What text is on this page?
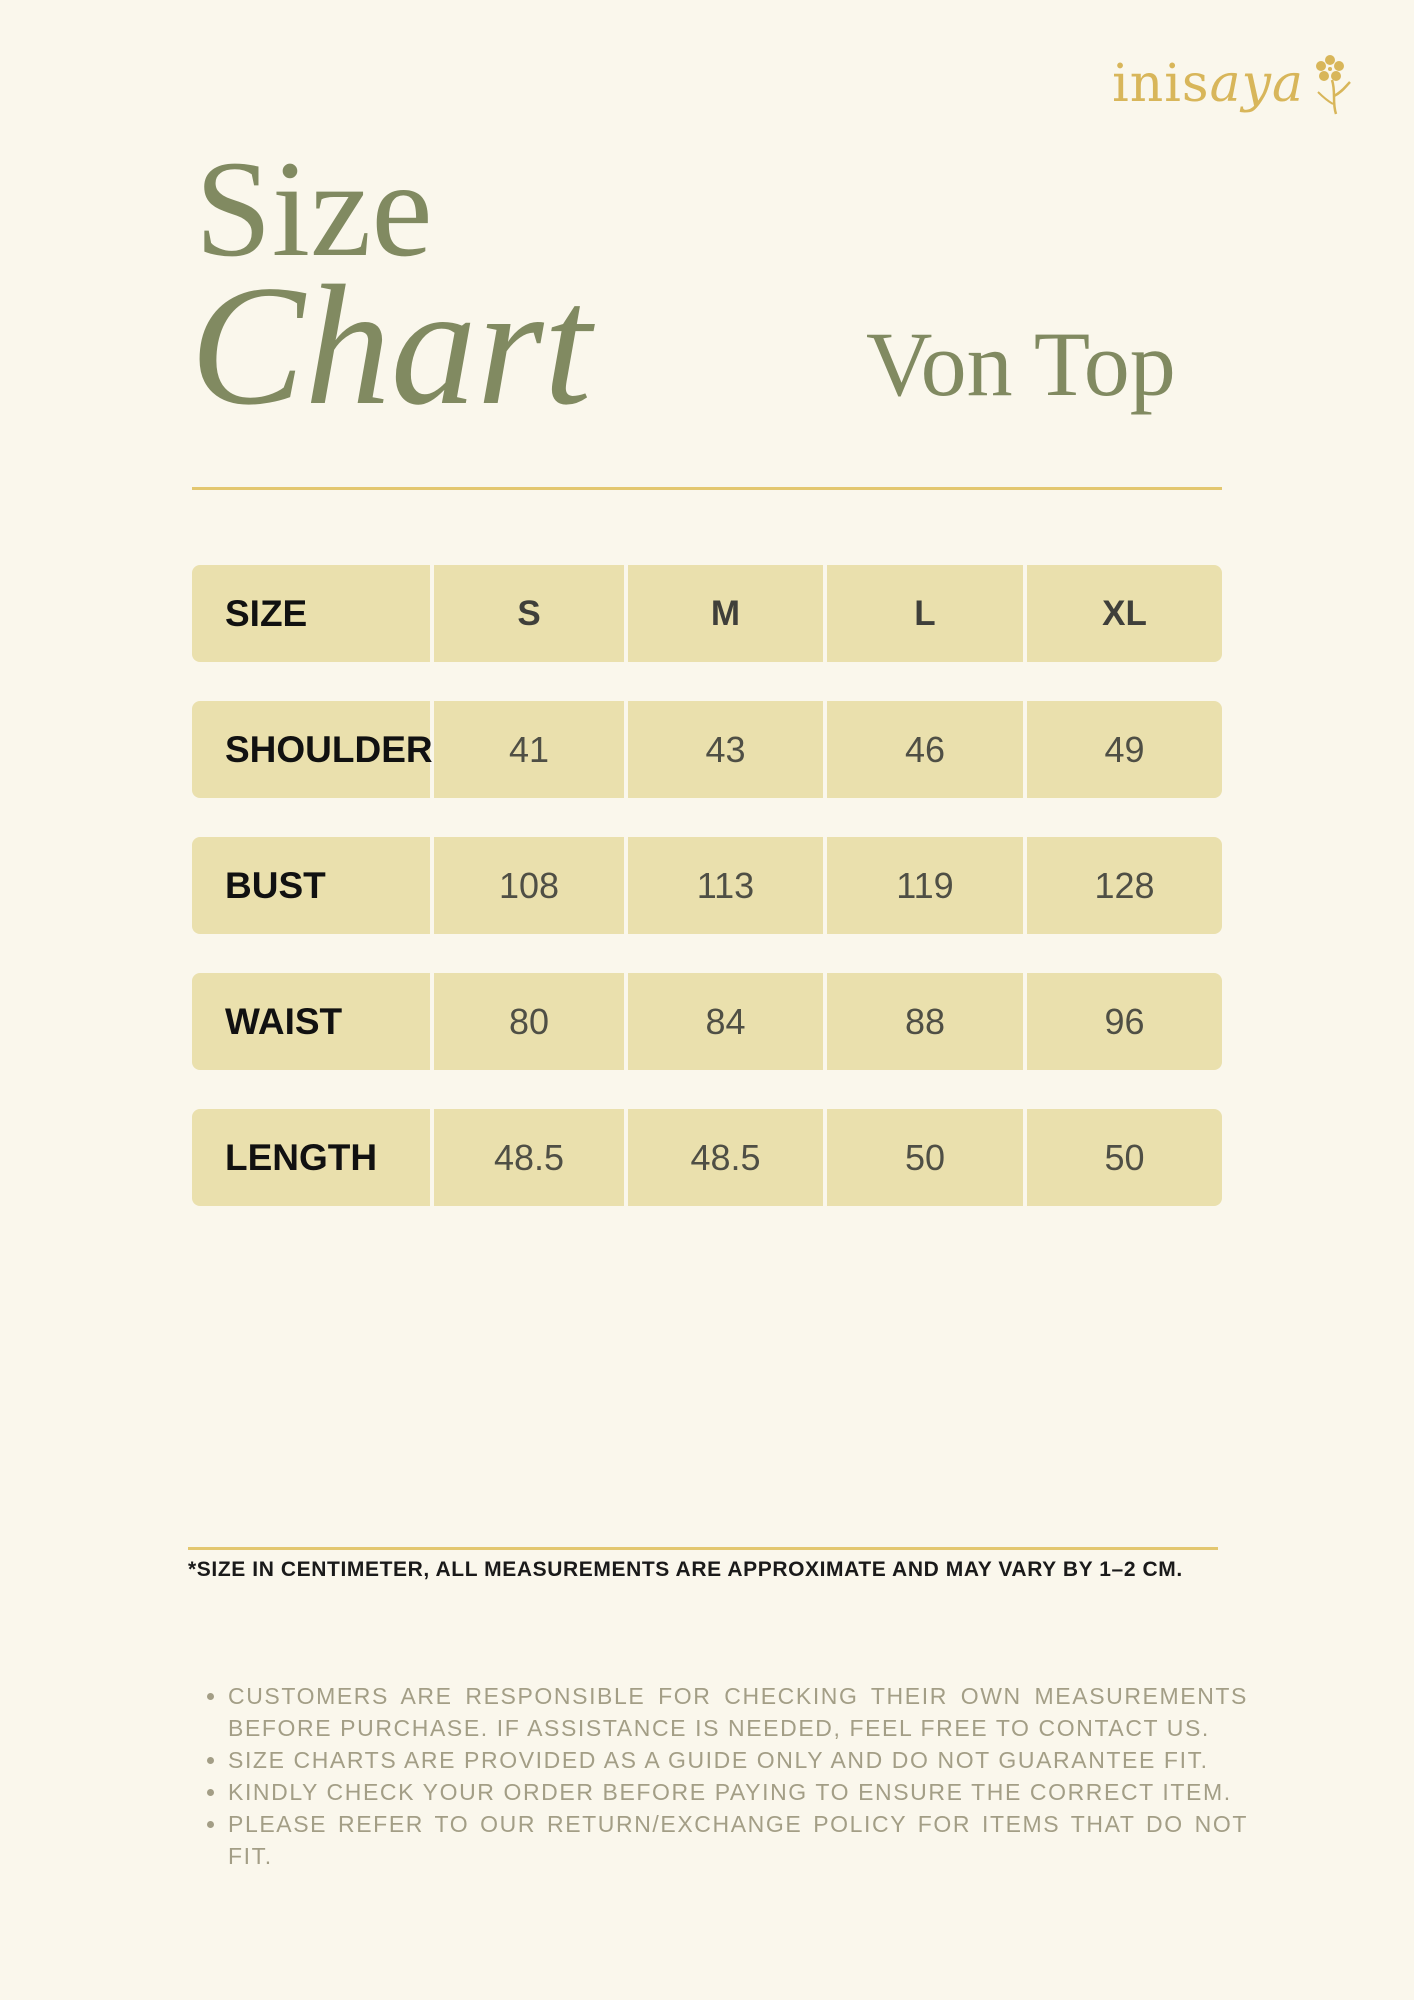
inisaya
Size
Chart	Von Top
SIZE	S	M	L	XL
SHOULDER	41	43	46	49
BUST	108	113	119	128
WAIST	80	84	88	96
LENGTH	48.5	48.5	50	50
*SIZE IN CENTIMETER, ALL MEASUREMENTS ARE APPROXIMATE AND MAY VARY BY 1–2 CM.
• CUSTOMERS ARE RESPONSIBLE FOR CHECKING THEIR OWN MEASUREMENTS BEFORE PURCHASE. IF ASSISTANCE IS NEEDED, FEEL FREE TO CONTACT US.
• SIZE CHARTS ARE PROVIDED AS A GUIDE ONLY AND DO NOT GUARANTEE FIT.
• KINDLY CHECK YOUR ORDER BEFORE PAYING TO ENSURE THE CORRECT ITEM.
• PLEASE REFER TO OUR RETURN/EXCHANGE POLICY FOR ITEMS THAT DO NOT FIT.
